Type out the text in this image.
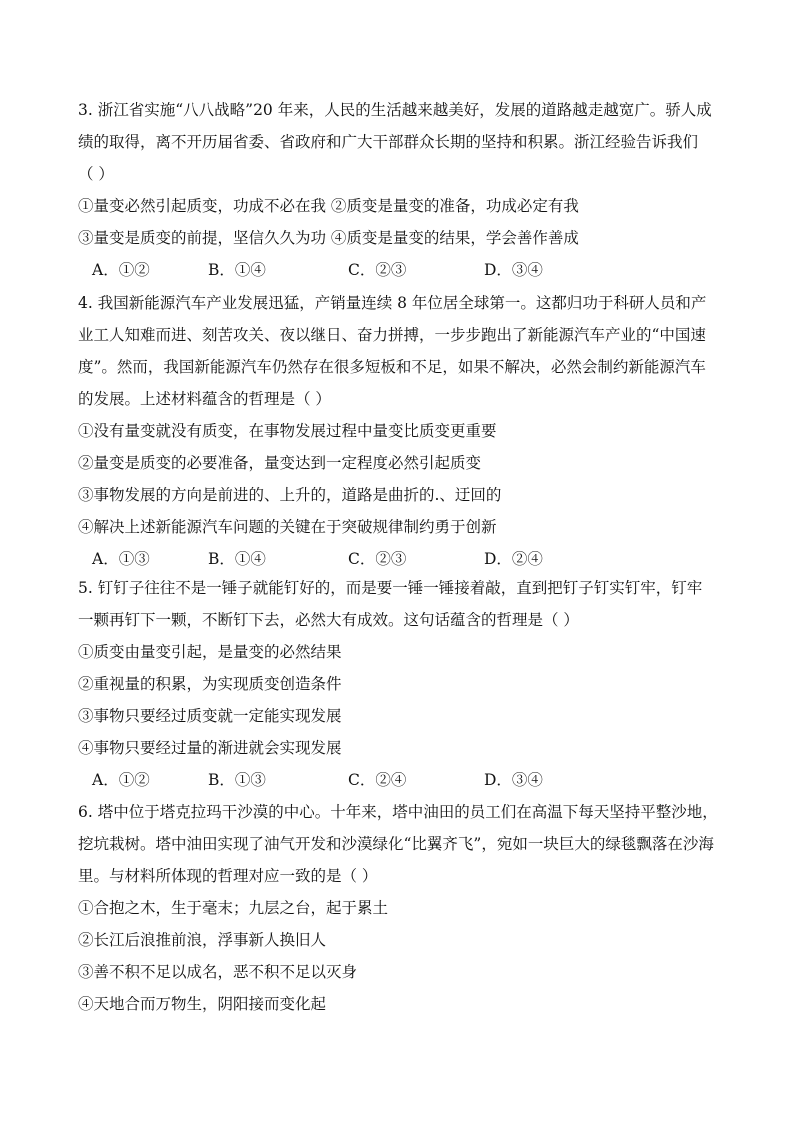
3. 浙江省实施“八八战略”20 年来，人民的生活越来越美好，发展的道路越走越宽广。骄人成
绩的取得，离不开历届省委、省政府和广大干部群众长期的坚持和积累。浙江经验告诉我们
（ ）
①量变必然引起质变，功成不必在我 ②质变是量变的准备，功成必定有我
③量变是质变的前提，坚信久久为功 ④质变是量变的结果，学会善作善成
A．①②	B．①④	C．②③	D．③④
4. 我国新能源汽车产业发展迅猛，产销量连续 8 年位居全球第一。这都归功于科研人员和产
业工人知难而进、刻苦攻关、夜以继日、奋力拼搏，一步步跑出了新能源汽车产业的“中国速
度”。然而，我国新能源汽车仍然存在很多短板和不足，如果不解决，必然会制约新能源汽车
的发展。上述材料蕴含的哲理是（ ）
①没有量变就没有质变，在事物发展过程中量变比质变更重要
②量变是质变的必要准备，量变达到一定程度必然引起质变
③事物发展的方向是前进的、上升的，道路是曲折的.、迂回的
④解决上述新能源汽车问题的关键在于突破规律制约勇于创新
A．①③	B．①④	C．②③	D．②④
5. 钉钉子往往不是一锤子就能钉好的，而是要一锤一锤接着敲，直到把钉子钉实钉牢，钉牢
一颗再钉下一颗，不断钉下去，必然大有成效。这句话蕴含的哲理是（ ）
①质变由量变引起，是量变的必然结果
②重视量的积累，为实现质变创造条件
③事物只要经过质变就一定能实现发展
④事物只要经过量的渐进就会实现发展
A．①②	B．①③	C．②④	D．③④
6. 塔中位于塔克拉玛干沙漠的中心。十年来，塔中油田的员工们在高温下每天坚持平整沙地，
挖坑栽树。塔中油田实现了油气开发和沙漠绿化“比翼齐飞”，宛如一块巨大的绿毯飘落在沙海
里。与材料所体现的哲理对应一致的是（ ）
①合抱之木，生于毫末；九层之台，起于累土
②长江后浪推前浪，浮事新人换旧人
③善不积不足以成名，恶不积不足以灭身
④天地合而万物生，阴阳接而变化起
